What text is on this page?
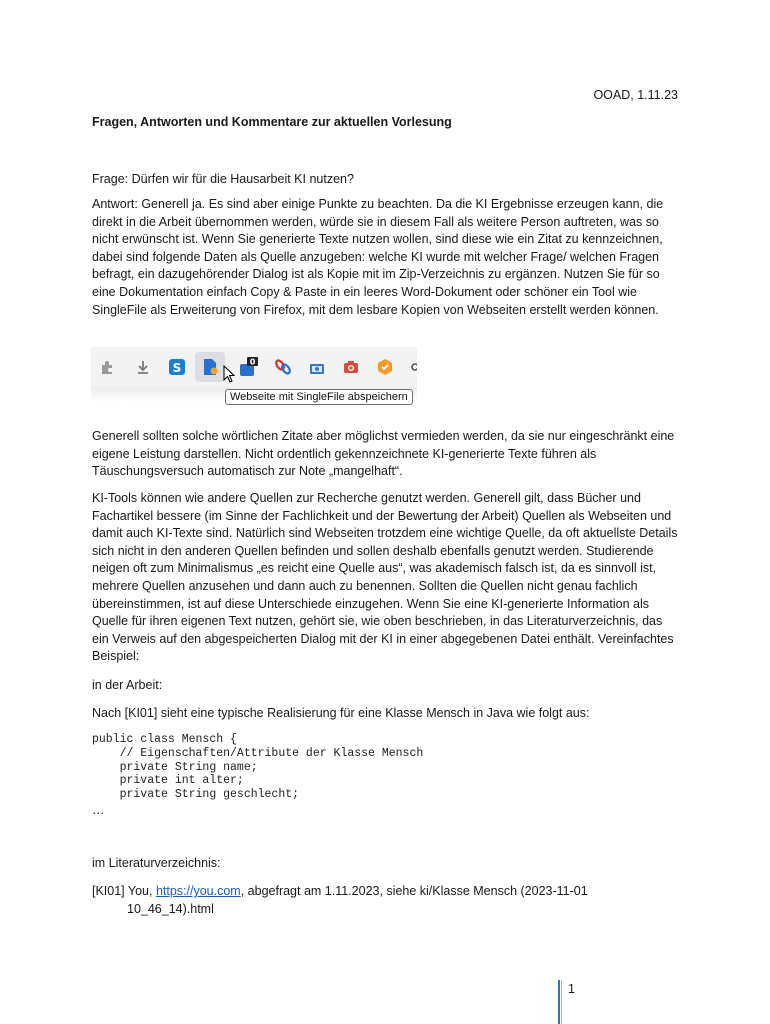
OOAD, 1.11.23
Fragen, Antworten und Kommentare zur aktuellen Vorlesung

Frage: Dürfen wir für die Hausarbeit KI nutzen?

Antwort: Generell ja. Es sind aber einige Punkte zu beachten. Da die KI Ergebnisse erzeugen kann, die direkt in die Arbeit übernommen werden, würde sie in diesem Fall als weitere Person auftreten, was so nicht erwünscht ist. Wenn Sie generierte Texte nutzen wollen, sind diese wie ein Zitat zu kennzeichnen, dabei sind folgende Daten als Quelle anzugeben: welche KI wurde mit welcher Frage/ welchen Fragen befragt, ein dazugehörender Dialog ist als Kopie mit im Zip-Verzeichnis zu ergänzen. Nutzen Sie für so eine Dokumentation einfach Copy & Paste in ein leeres Word-Dokument oder schöner ein Tool wie SingleFile als Erweiterung von Firefox, mit dem lesbare Kopien von Webseiten erstellt werden können.

S	0
Webseite mit SingleFile abspeichern

Generell sollten solche wörtlichen Zitate aber möglichst vermieden werden, da sie nur eingeschränkt eine eigene Leistung darstellen. Nicht ordentlich gekennzeichnete KI-generierte Texte führen als Täuschungsversuch automatisch zur Note „mangelhaft“.

KI-Tools können wie andere Quellen zur Recherche genutzt werden. Generell gilt, dass Bücher und Fachartikel bessere (im Sinne der Fachlichkeit und der Bewertung der Arbeit) Quellen als Webseiten und damit auch KI-Texte sind. Natürlich sind Webseiten trotzdem eine wichtige Quelle, da oft aktuellste Details sich nicht in den anderen Quellen befinden und sollen deshalb ebenfalls genutzt werden. Studierende neigen oft zum Minimalismus „es reicht eine Quelle aus“, was akademisch falsch ist, da es sinnvoll ist, mehrere Quellen anzusehen und dann auch zu benennen. Sollten die Quellen nicht genau fachlich übereinstimmen, ist auf diese Unterschiede einzugehen. Wenn Sie eine KI-generierte Information als Quelle für ihren eigenen Text nutzen, gehört sie, wie oben beschrieben, in das Literaturverzeichnis, das ein Verweis auf den abgespeicherten Dialog mit der KI in einer abgegebenen Datei enthält. Vereinfachtes Beispiel:

in der Arbeit:

Nach [KI01] sieht eine typische Realisierung für eine Klasse Mensch in Java wie folgt aus:

public class Mensch {
// Eigenschaften/Attribute der Klasse Mensch
private String name;
private int alter;
private String geschlecht;
…

im Literaturverzeichnis:

[KI01] You, https://you.com, abgefragt am 1.11.2023, siehe ki/Klasse Mensch (2023-11-01
10_46_14).html
1
